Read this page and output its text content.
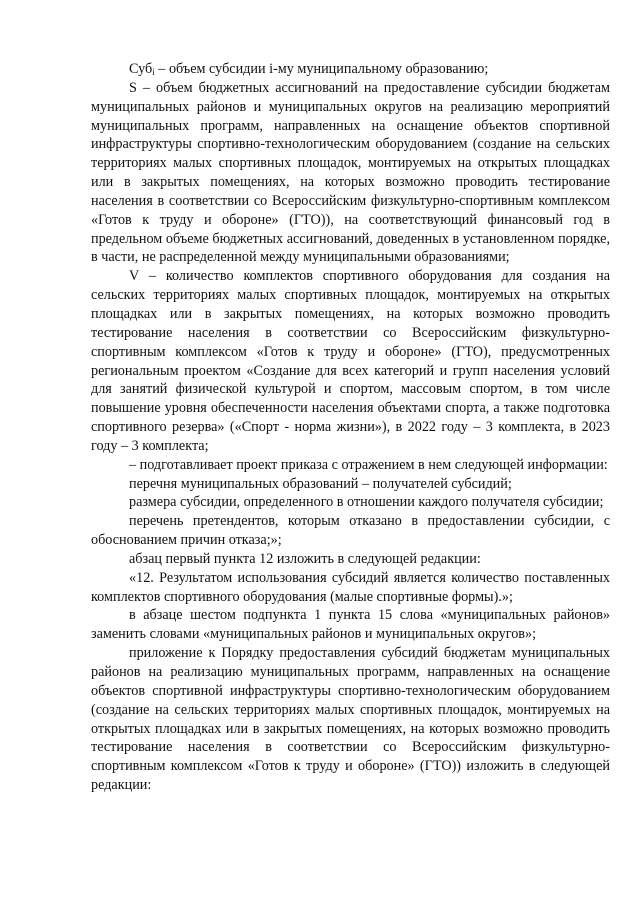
Суб$_i$ – объем субсидии i-му муниципальному образованию;

S – объем бюджетных ассигнований на предоставление субсидии бюджетам муниципальных районов и муниципальных округов на реализацию мероприятий муниципальных программ, направленных на оснащение объектов спортивной инфраструктуры спортивно-технологическим оборудованием (создание на сельских территориях малых спортивных площадок, монтируемых на открытых площадках или в закрытых помещениях, на которых возможно проводить тестирование населения в соответствии со Всероссийским физкультурно-спортивным комплексом «Готов к труду и обороне» (ГТО)), на соответствующий финансовый год в предельном объеме бюджетных ассигнований, доведенных в установленном порядке, в части, не распределенной между муниципальными образованиями;

V – количество комплектов спортивного оборудования для создания на сельских территориях малых спортивных площадок, монтируемых на открытых площадках или в закрытых помещениях, на которых возможно проводить тестирование населения в соответствии со Всероссийским физкультурно-спортивным комплексом «Готов к труду и обороне» (ГТО), предусмотренных региональным проектом «Создание для всех категорий и групп населения условий для занятий физической культурой и спортом, массовым спортом, в том числе повышение уровня обеспеченности населения объектами спорта, а также подготовка спортивного резерва» («Спорт - норма жизни»), в 2022 году – 3 комплекта, в 2023 году – 3 комплекта;

– подготавливает проект приказа с отражением в нем следующей информации:

перечня муниципальных образований – получателей субсидий;

размера субсидии, определенного в отношении каждого получателя субсидии;

перечень претендентов, которым отказано в предоставлении субсидии, с обоснованием причин отказа;»;

абзац первый пункта 12 изложить в следующей редакции:

«12. Результатом использования субсидий является количество поставленных комплектов спортивного оборудования (малые спортивные формы).»;

в абзаце шестом подпункта 1 пункта 15 слова «муниципальных районов» заменить словами «муниципальных районов и муниципальных округов»;

приложение к Порядку предоставления субсидий бюджетам муниципальных районов на реализацию муниципальных программ, направленных на оснащение объектов спортивной инфраструктуры спортивно-технологическим оборудованием (создание на сельских территориях малых спортивных площадок, монтируемых на открытых площадках или в закрытых помещениях, на которых возможно проводить тестирование населения в соответствии со Всероссийским физкультурно-спортивным комплексом «Готов к труду и обороне» (ГТО)) изложить в следующей редакции:
